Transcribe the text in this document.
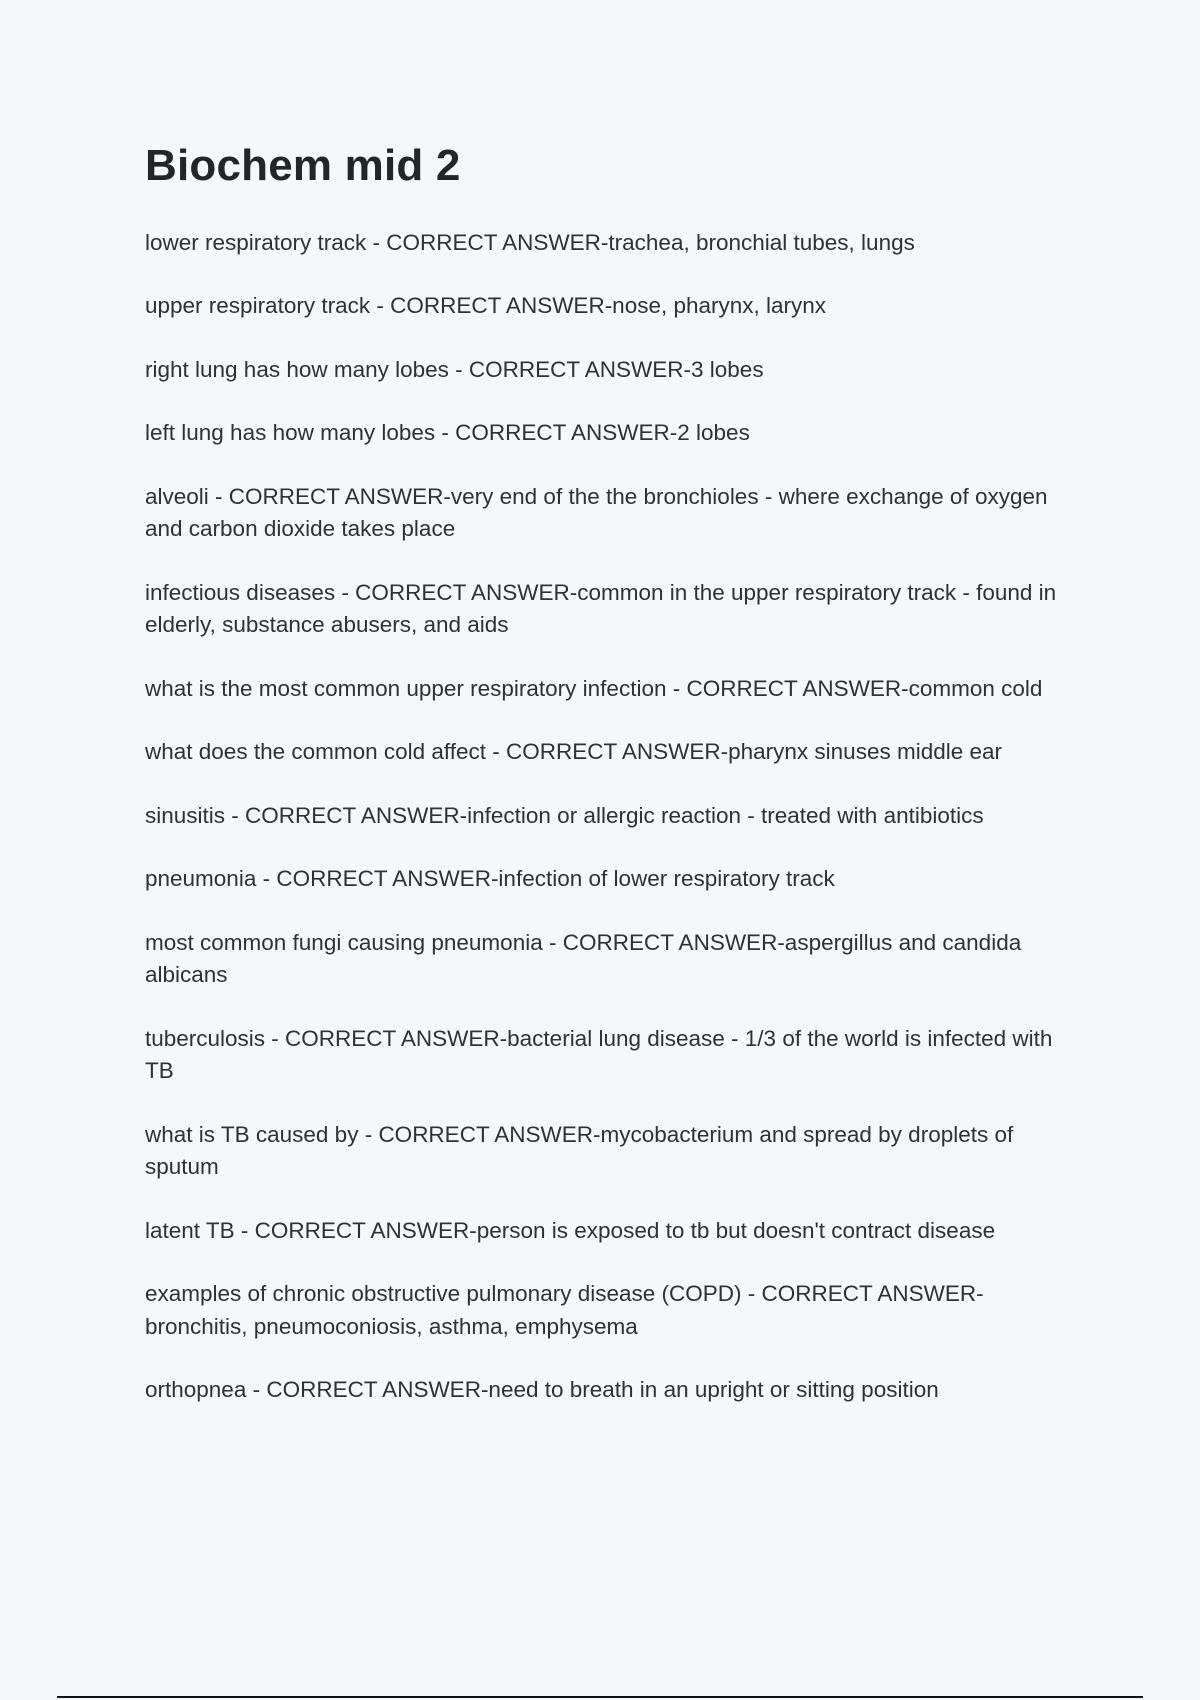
Biochem mid 2
lower respiratory track - CORRECT ANSWER-trachea, bronchial tubes, lungs
upper respiratory track - CORRECT ANSWER-nose, pharynx, larynx
right lung has how many lobes - CORRECT ANSWER-3 lobes
left lung has how many lobes - CORRECT ANSWER-2 lobes
alveoli - CORRECT ANSWER-very end of the the bronchioles - where exchange of oxygen and carbon dioxide takes place
infectious diseases - CORRECT ANSWER-common in the upper respiratory track - found in elderly, substance abusers, and aids
what is the most common upper respiratory infection - CORRECT ANSWER-common cold
what does the common cold affect - CORRECT ANSWER-pharynx sinuses middle ear
sinusitis - CORRECT ANSWER-infection or allergic reaction - treated with antibiotics
pneumonia - CORRECT ANSWER-infection of lower respiratory track
most common fungi causing pneumonia - CORRECT ANSWER-aspergillus and candida albicans
tuberculosis - CORRECT ANSWER-bacterial lung disease - 1/3 of the world is infected with TB
what is TB caused by - CORRECT ANSWER-mycobacterium and spread by droplets of sputum
latent TB - CORRECT ANSWER-person is exposed to tb but doesn't contract disease
examples of chronic obstructive pulmonary disease (COPD) - CORRECT ANSWER-bronchitis, pneumoconiosis, asthma, emphysema
orthopnea - CORRECT ANSWER-need to breath in an upright or sitting position
